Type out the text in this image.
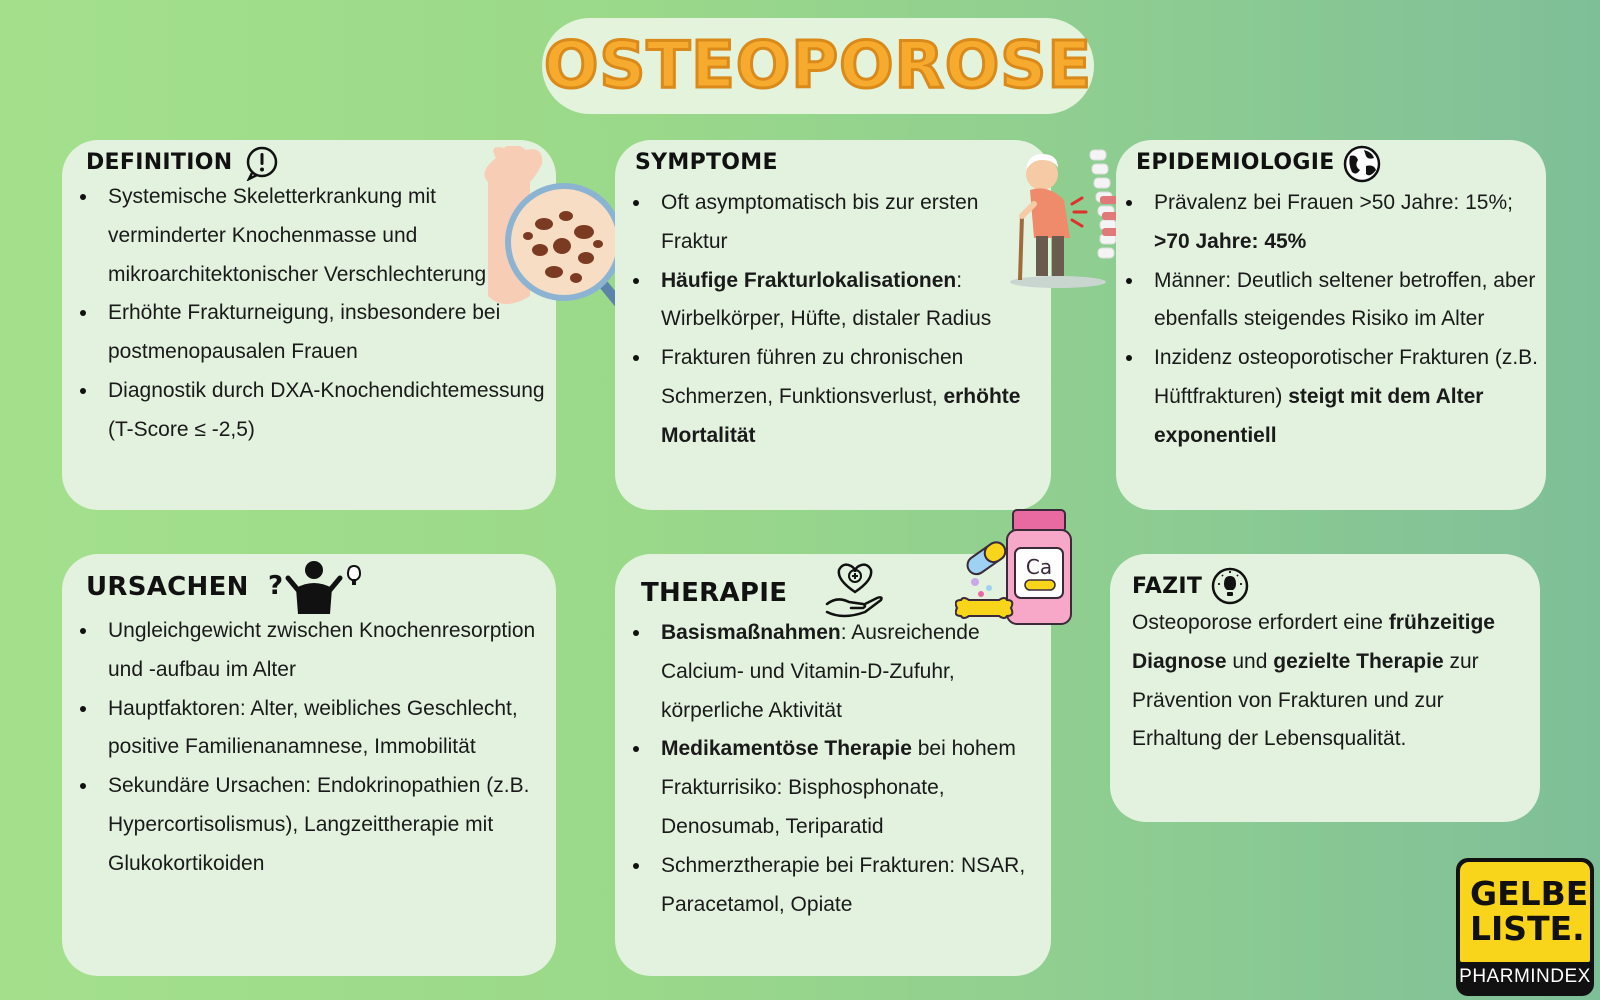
OSTEOPOROSE
DEFINITION
Systemische Skeletterkrankung mit verminderter Knochenmasse und mikroarchitektonischer Verschlechterung
Erhöhte Frakturneigung, insbesondere bei postmenopausalen Frauen
Diagnostik durch DXA-Knochendichtemessung (T-Score ≤ -2,5)
SYMPTOME
Oft asymptomatisch bis zur ersten Fraktur
Häufige Frakturlokalisationen: Wirbelkörper, Hüfte, distaler Radius
Frakturen führen zu chronischen Schmerzen, Funktionsverlust, erhöhte Mortalität
EPIDEMIOLOGIE
Prävalenz bei Frauen >50 Jahre: 15%; >70 Jahre: 45%
Männer: Deutlich seltener betroffen, aber ebenfalls steigendes Risiko im Alter
Inzidenz osteoporotischer Frakturen (z.B. Hüftfrakturen) steigt mit dem Alter exponentiell
URSACHEN ?
Ungleichgewicht zwischen Knochenresorption und -aufbau im Alter
Hauptfaktoren: Alter, weibliches Geschlecht, positive Familienanamnese, Immobilität
Sekundäre Ursachen: Endokrinopathien (z.B. Hypercortisolismus), Langzeittherapie mit Glukokortikoiden
THERAPIE
Basismaßnahmen: Ausreichende Calcium- und Vitamin-D-Zufuhr, körperliche Aktivität
Medikamentöse Therapie bei hohem Frakturrisiko: Bisphosphonate, Denosumab, Teriparatid
Schmerztherapie bei Frakturen: NSAR, Paracetamol, Opiate
Ca
FAZIT

Osteoporose erfordert eine frühzeitige Diagnose und gezielte Therapie zur Prävention von Frakturen und zur Erhaltung der Lebensqualität.

GELBE
LISTE.
PHARMINDEX
